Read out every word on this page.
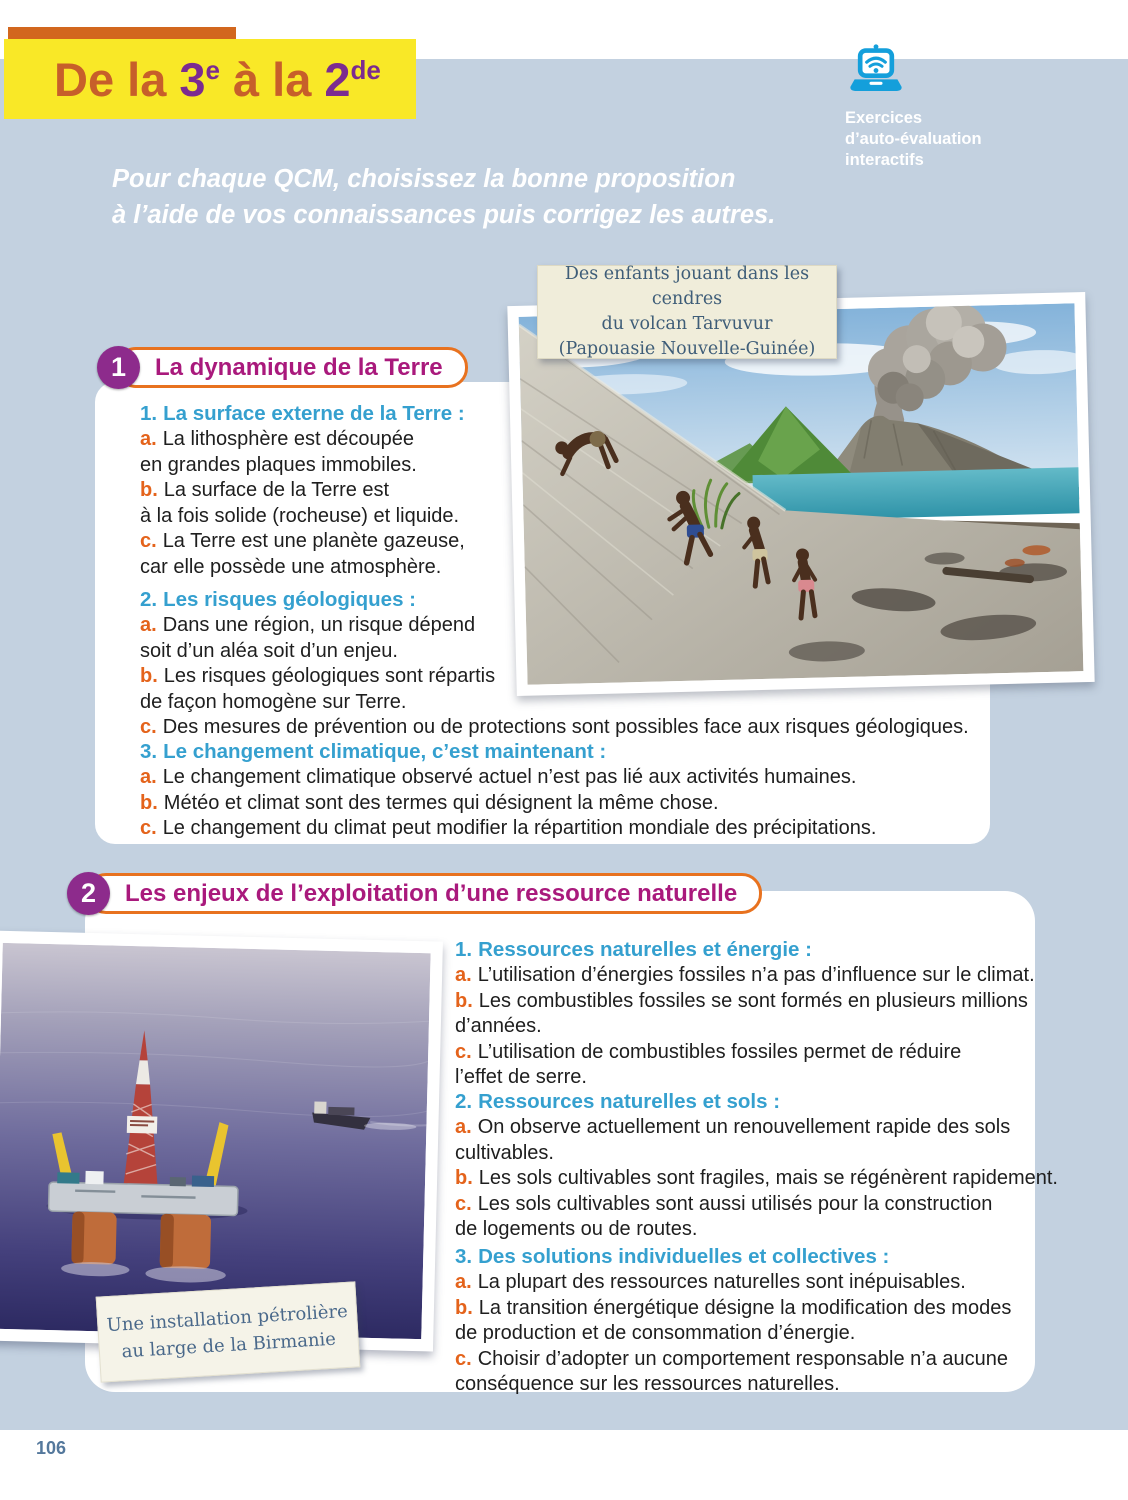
De la 3e à la 2de
Exercices
d’auto-évaluation
interactifs
Pour chaque QCM, choisissez la bonne proposition
à l’aide de vos connaissances puis corrigez les autres.
1	La dynamique de la Terre
2	Les enjeux de l’exploitation d’une ressource naturelle
Des enfants jouant dans les cendres
du volcan Tarvuvur
(Papouasie Nouvelle-Guinée)
Une installation pétrolière
au large de la Birmanie
1. La surface externe de la Terre :
a. La lithosphère est découpée
en grandes plaques immobiles.
b. La surface de la Terre est
à la fois solide (rocheuse) et liquide.
c. La Terre est une planète gazeuse,
car elle possède une atmosphère.
2. Les risques géologiques :
a. Dans une région, un risque dépend
soit d’un aléa soit d’un enjeu.
b. Les risques géologiques sont répartis
de façon homogène sur Terre.
c. Des mesures de prévention ou de protections sont possibles face aux risques géologiques.
3. Le changement climatique, c’est maintenant :
a. Le changement climatique observé actuel n’est pas lié aux activités humaines.
b. Météo et climat sont des termes qui désignent la même chose.
c. Le changement du climat peut modifier la répartition mondiale des précipitations.
1. Ressources naturelles et énergie :
a. L’utilisation d’énergies fossiles n’a pas d’influence sur le climat.
b. Les combustibles fossiles se sont formés en plusieurs millions
d’années.
c. L’utilisation de combustibles fossiles permet de réduire
l’effet de serre.
2. Ressources naturelles et sols :
a. On observe actuellement un renouvellement rapide des sols
cultivables.
b. Les sols cultivables sont fragiles, mais se régénèrent rapidement.
c. Les sols cultivables sont aussi utilisés pour la construction
de logements ou de routes.
3. Des solutions individuelles et collectives :
a. La plupart des ressources naturelles sont inépuisables.
b. La transition énergétique désigne la modification des modes
de production et de consommation d’énergie.
c. Choisir d’adopter un comportement responsable n’a aucune
conséquence sur les ressources naturelles.
106
